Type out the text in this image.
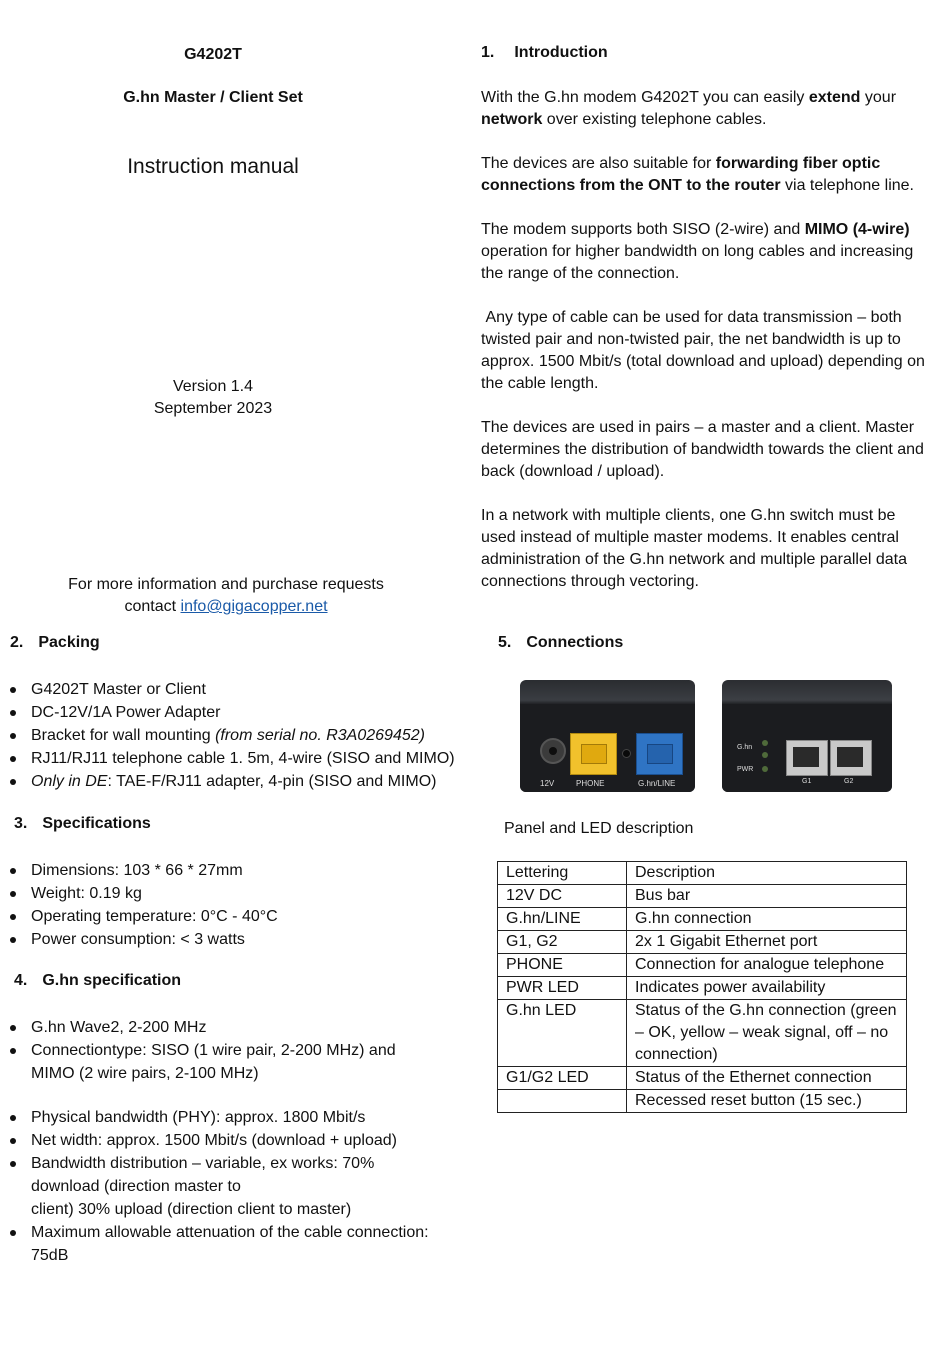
G4202T
G.hn Master / Client Set
Instruction manual
Version 1.4
September 2023
For more information and purchase requests
contact info@gigacopper.net
1. Introduction
With the G.hn modem G4202T you can easily extend your network over existing telephone cables.
The devices are also suitable for forwarding fiber optic connections from the ONT to the router via telephone line.
The modem supports both SISO (2-wire) and MIMO (4-wire) operation for higher bandwidth on long cables and increasing the range of the connection.
Any type of cable can be used for data transmission – both twisted pair and non-twisted pair, the net bandwidth is up to approx. 1500 Mbit/s (total download and upload) depending on the cable length.
The devices are used in pairs – a master and a client. Master determines the distribution of bandwidth towards the client and back (download / upload).
In a network with multiple clients, one G.hn switch must be used instead of multiple master modems. It enables central administration of the G.hn network and multiple parallel data connections through vectoring.
2. Packing
G4202T Master or Client
DC-12V/1A Power Adapter
Bracket for wall mounting (from serial no. R3A0269452)
RJ11/RJ11 telephone cable 1. 5m, 4-wire (SISO and MIMO)
Only in DE: TAE-F/RJ11 adapter, 4-pin (SISO and MIMO)
3. Specifications
Dimensions: 103 * 66 * 27mm
Weight: 0.19 kg
Operating temperature: 0°C - 40°C
Power consumption: < 3 watts
4. G.hn specification
G.hn Wave2, 2-200 MHz
Connectiontype: SISO (1 wire pair, 2-200 MHz) and MIMO (2 wire pairs, 2-100 MHz)
Physical bandwidth (PHY): approx. 1800 Mbit/s
Net width: approx. 1500 Mbit/s (download + upload)
Bandwidth distribution – variable, ex works: 70% download (direction master to
client) 30% upload (direction client to master)
Maximum allowable attenuation of the cable connection: 75dB
5. Connections
12V	PHONE	G.hn/LINE
G.hn
PWR
G1	G2
Panel and LED description
Lettering	Description
12V DC	Bus bar
G.hn/LINE	G.hn connection
G1, G2	2x 1 Gigabit Ethernet port
PHONE	Connection for analogue telephone
PWR LED	Indicates power availability
G.hn LED	Status of the G.hn connection (green – OK, yellow – weak signal, off – no connection)
G1/G2 LED	Status of the Ethernet connection
	Recessed reset button (15 sec.)
